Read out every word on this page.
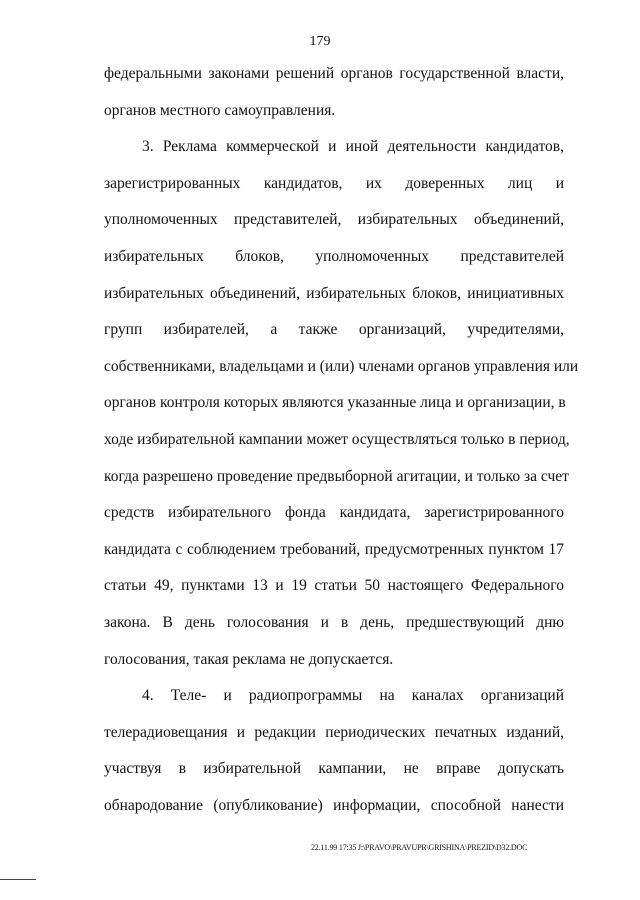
179
федеральными законами решений органов государственной власти,
органов местного самоуправления.
3. Реклама коммерческой и иной деятельности кандидатов,
зарегистрированных кандидатов, их доверенных лиц и
уполномоченных представителей, избирательных объединений,
избирательных блоков, уполномоченных представителей
избирательных объединений, избирательных блоков, инициативных
групп избирателей, а также организаций, учредителями,
собственниками, владельцами и (или) членами органов управления или
органов контроля которых являются указанные лица и организации, в
ходе избирательной кампании может осуществляться только в период,
когда разрешено проведение предвыборной агитации, и только за счет
средств избирательного фонда кандидата, зарегистрированного
кандидата с соблюдением требований, предусмотренных пунктом 17
статьи 49, пунктами 13 и 19 статьи 50 настоящего Федерального
закона. В день голосования и в день, предшествующий дню
голосования, такая реклама не допускается.
4. Теле- и радиопрограммы на каналах организаций
телерадиовещания и редакции периодических печатных изданий,
участвуя в избирательной кампании, не вправе допускать
обнародование (опубликование) информации, способной нанести
22.11.99 17:35 J:\PRAVO\PRAVUPR\GRISHINA\PREZID\D32.DOC
